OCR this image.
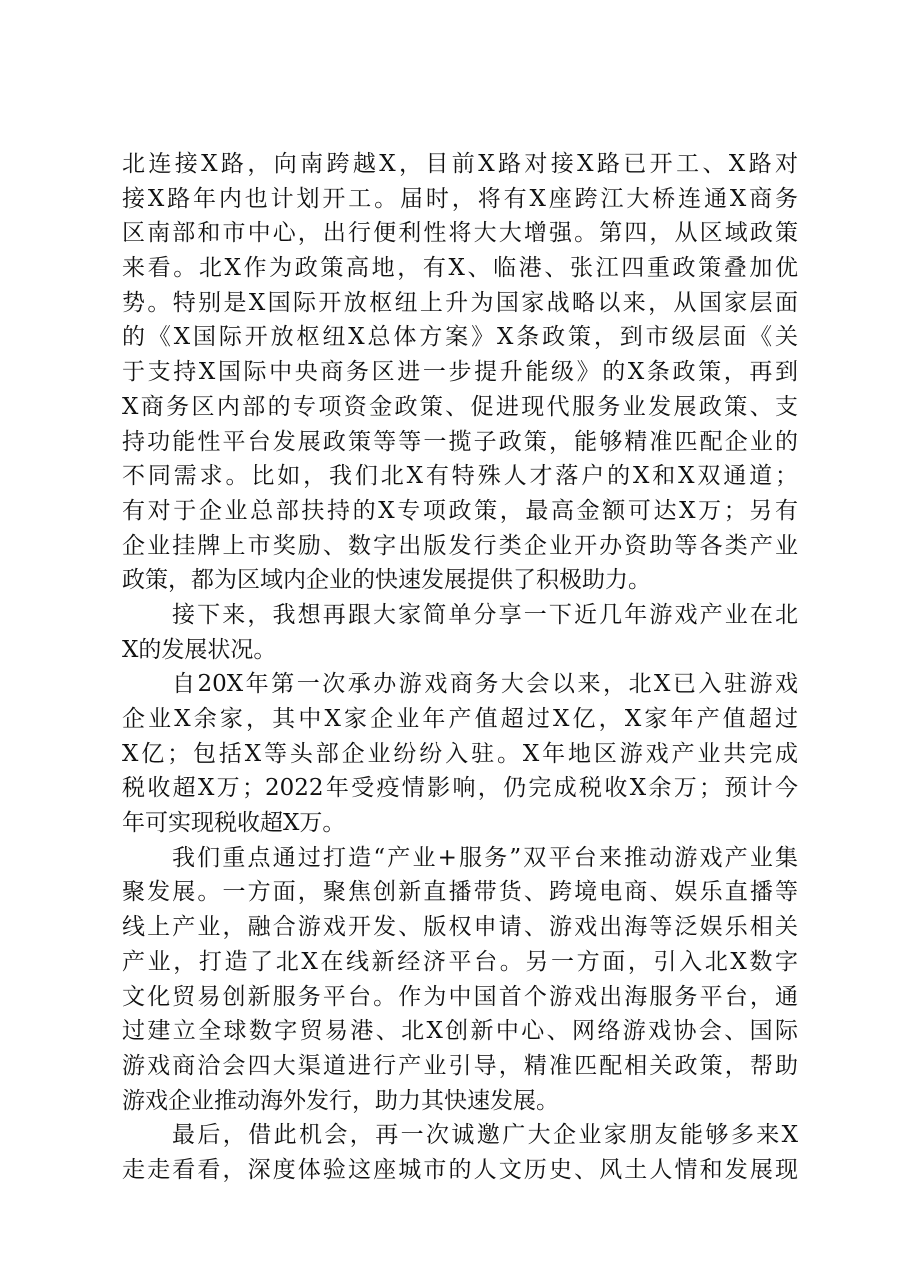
北连接X路，向南跨越X，目前X路对接X路已开工、X路对
接X路年内也计划开工。届时，将有X座跨江大桥连通X商务
区南部和市中心，出行便利性将大大增强。第四，从区域政策
来看。北X作为政策高地，有X、临港、张江四重政策叠加优
势。特别是X国际开放枢纽上升为国家战略以来，从国家层面
的《X国际开放枢纽X总体方案》X条政策，到市级层面《关
于支持X国际中央商务区进一步提升能级》的X条政策，再到
X商务区内部的专项资金政策、促进现代服务业发展政策、支
持功能性平台发展政策等等一揽子政策，能够精准匹配企业的
不同需求。比如，我们北X有特殊人才落户的X和X双通道；
有对于企业总部扶持的X专项政策，最高金额可达X万；另有
企业挂牌上市奖励、数字出版发行类企业开办资助等各类产业
政策，都为区域内企业的快速发展提供了积极助力。
接下来，我想再跟大家简单分享一下近几年游戏产业在北
X的发展状况。
自20X年第一次承办游戏商务大会以来，北X已入驻游戏
企业X余家，其中X家企业年产值超过X亿，X家年产值超过
X亿；包括X等头部企业纷纷入驻。X年地区游戏产业共完成
税收超X万；2022年受疫情影响，仍完成税收X余万；预计今
年可实现税收超X万。
我们重点通过打造“产业+服务”双平台来推动游戏产业集
聚发展。一方面，聚焦创新直播带货、跨境电商、娱乐直播等
线上产业，融合游戏开发、版权申请、游戏出海等泛娱乐相关
产业，打造了北X在线新经济平台。另一方面，引入北X数字
文化贸易创新服务平台。作为中国首个游戏出海服务平台，通
过建立全球数字贸易港、北X创新中心、网络游戏协会、国际
游戏商洽会四大渠道进行产业引导，精准匹配相关政策，帮助
游戏企业推动海外发行，助力其快速发展。
最后，借此机会，再一次诚邀广大企业家朋友能够多来X
走走看看，深度体验这座城市的人文历史、风土人情和发展现
